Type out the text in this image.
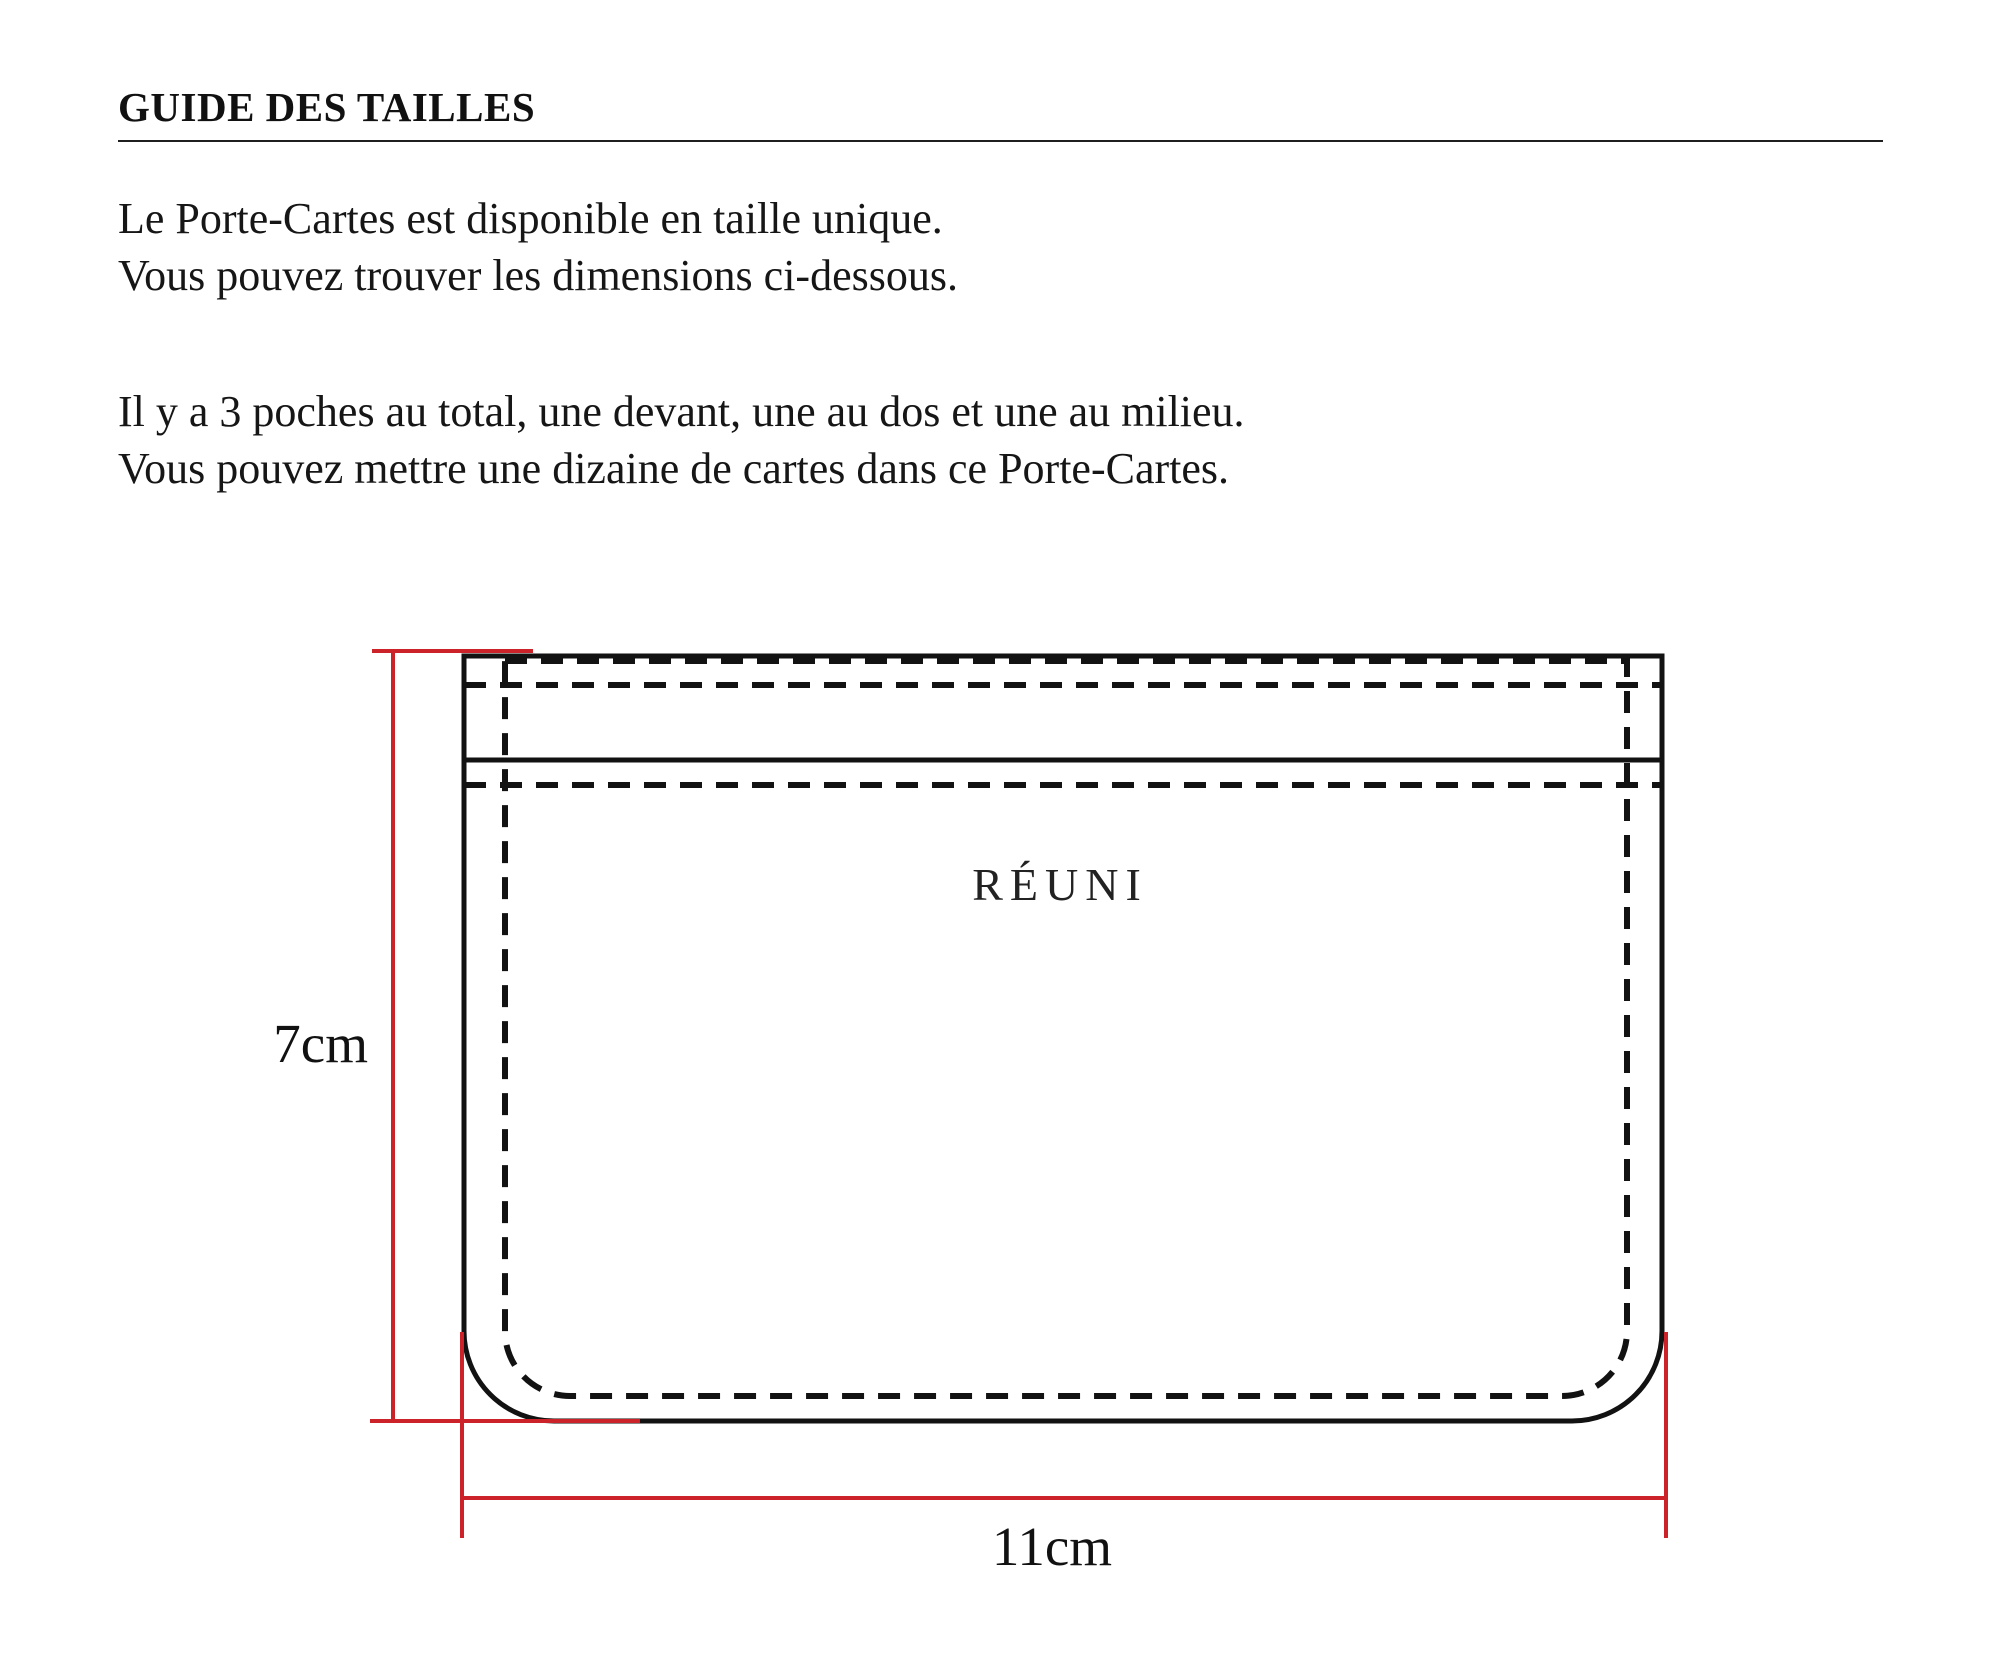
GUIDE DES TAILLES

Le Porte-Cartes est disponible en taille unique.
Vous pouvez trouver les dimensions ci-dessous.

Il y a 3 poches au total, une devant, une au dos et une au milieu.
Vous pouvez mettre une dizaine de cartes dans ce Porte-Cartes.

RÉUNI
7cm
11cm
